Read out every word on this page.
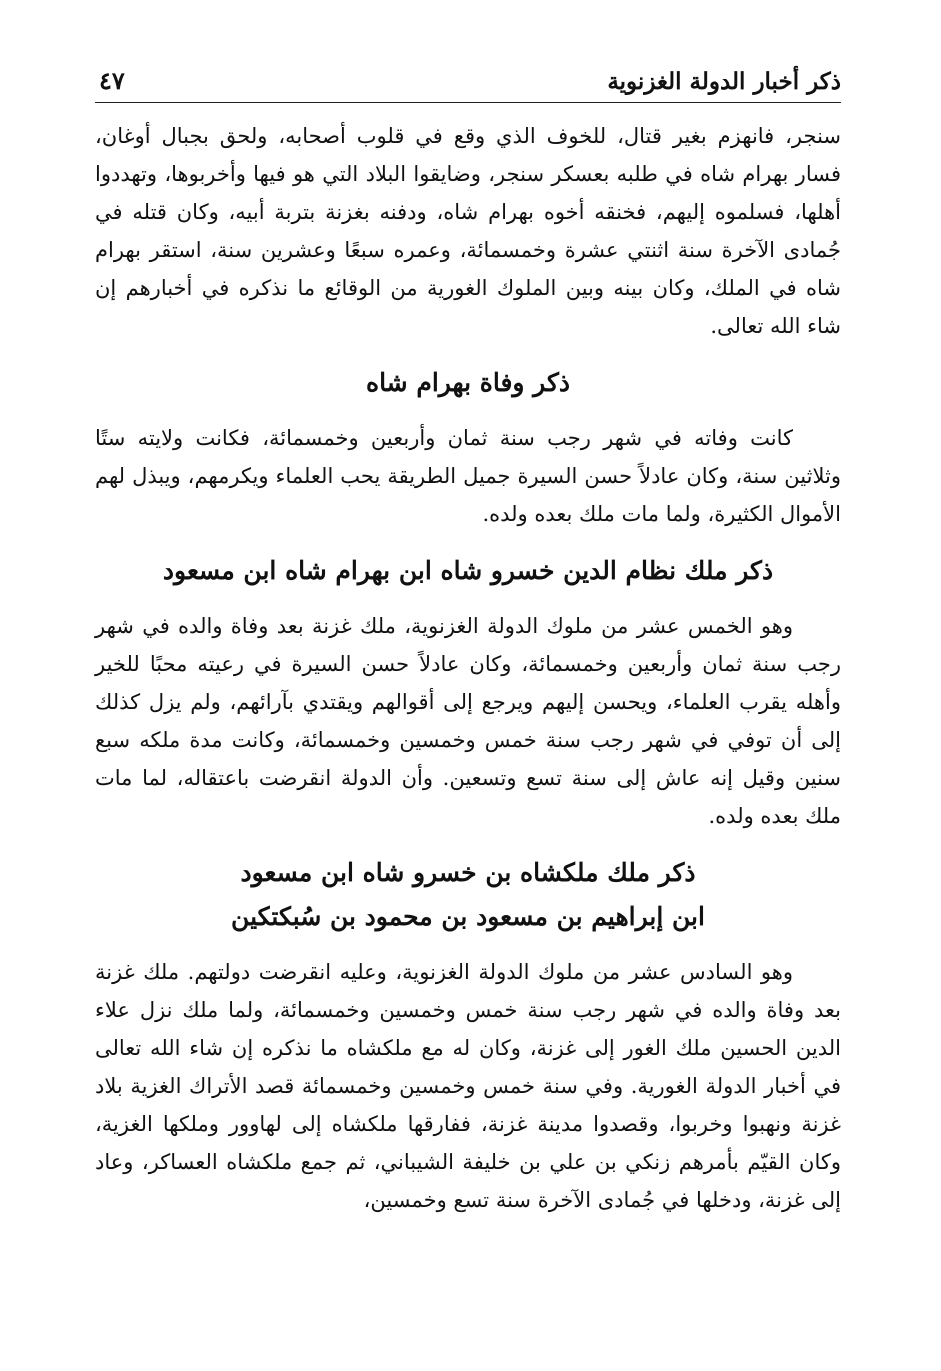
ذكر أخبار الدولة الغزنوية
٤٧

سنجر، فانهزم بغير قتال، للخوف الذي وقع في قلوب أصحابه، ولحق بجبال أوغان، فسار بهرام شاه في طلبه بعسكر سنجر، وضايقوا البلاد التي هو فيها وأخربوها، وتهددوا أهلها، فسلموه إليهم، فخنقه أخوه بهرام شاه، ودفنه بغزنة بتربة أبيه، وكان قتله في جُمادى الآخرة سنة اثنتي عشرة وخمسمائة، وعمره سبعًا وعشرين سنة، استقر بهرام شاه في الملك، وكان بينه وبين الملوك الغورية من الوقائع ما نذكره في أخبارهم إن شاء الله تعالى.

ذكر وفاة بهرام شاه

كانت وفاته في شهر رجب سنة ثمان وأربعين وخمسمائة، فكانت ولايته ستًا وثلاثين سنة، وكان عادلاً حسن السيرة جميل الطريقة يحب العلماء ويكرمهم، ويبذل لهم الأموال الكثيرة، ولما مات ملك بعده ولده.

ذكر ملك نظام الدين خسرو شاه ابن بهرام شاه ابن مسعود

وهو الخمس عشر من ملوك الدولة الغزنوية، ملك غزنة بعد وفاة والده في شهر رجب سنة ثمان وأربعين وخمسمائة، وكان عادلاً حسن السيرة في رعيته محبًا للخير وأهله يقرب العلماء، ويحسن إليهم ويرجع إلى أقوالهم ويقتدي بآرائهم، ولم يزل كذلك إلى أن توفي في شهر رجب سنة خمس وخمسين وخمسمائة، وكانت مدة ملكه سبع سنين وقيل إنه عاش إلى سنة تسع وتسعين. وأن الدولة انقرضت باعتقاله، لما مات ملك بعده ولده.

ذكر ملك ملكشاه بن خسرو شاه ابن مسعود
ابن إبراهيم بن مسعود بن محمود بن سُبكتكين

وهو السادس عشر من ملوك الدولة الغزنوية، وعليه انقرضت دولتهم. ملك غزنة بعد وفاة والده في شهر رجب سنة خمس وخمسين وخمسمائة، ولما ملك نزل علاء الدين الحسين ملك الغور إلى غزنة، وكان له مع ملكشاه ما نذكره إن شاء الله تعالى في أخبار الدولة الغورية. وفي سنة خمس وخمسين وخمسمائة قصد الأتراك الغزية بلاد غزنة ونهبوا وخربوا، وقصدوا مدينة غزنة، ففارقها ملكشاه إلى لهاوور وملكها الغزية، وكان القيّم بأمرهم زنكي بن علي بن خليفة الشيباني، ثم جمع ملكشاه العساكر، وعاد إلى غزنة، ودخلها في جُمادى الآخرة سنة تسع وخمسين،
